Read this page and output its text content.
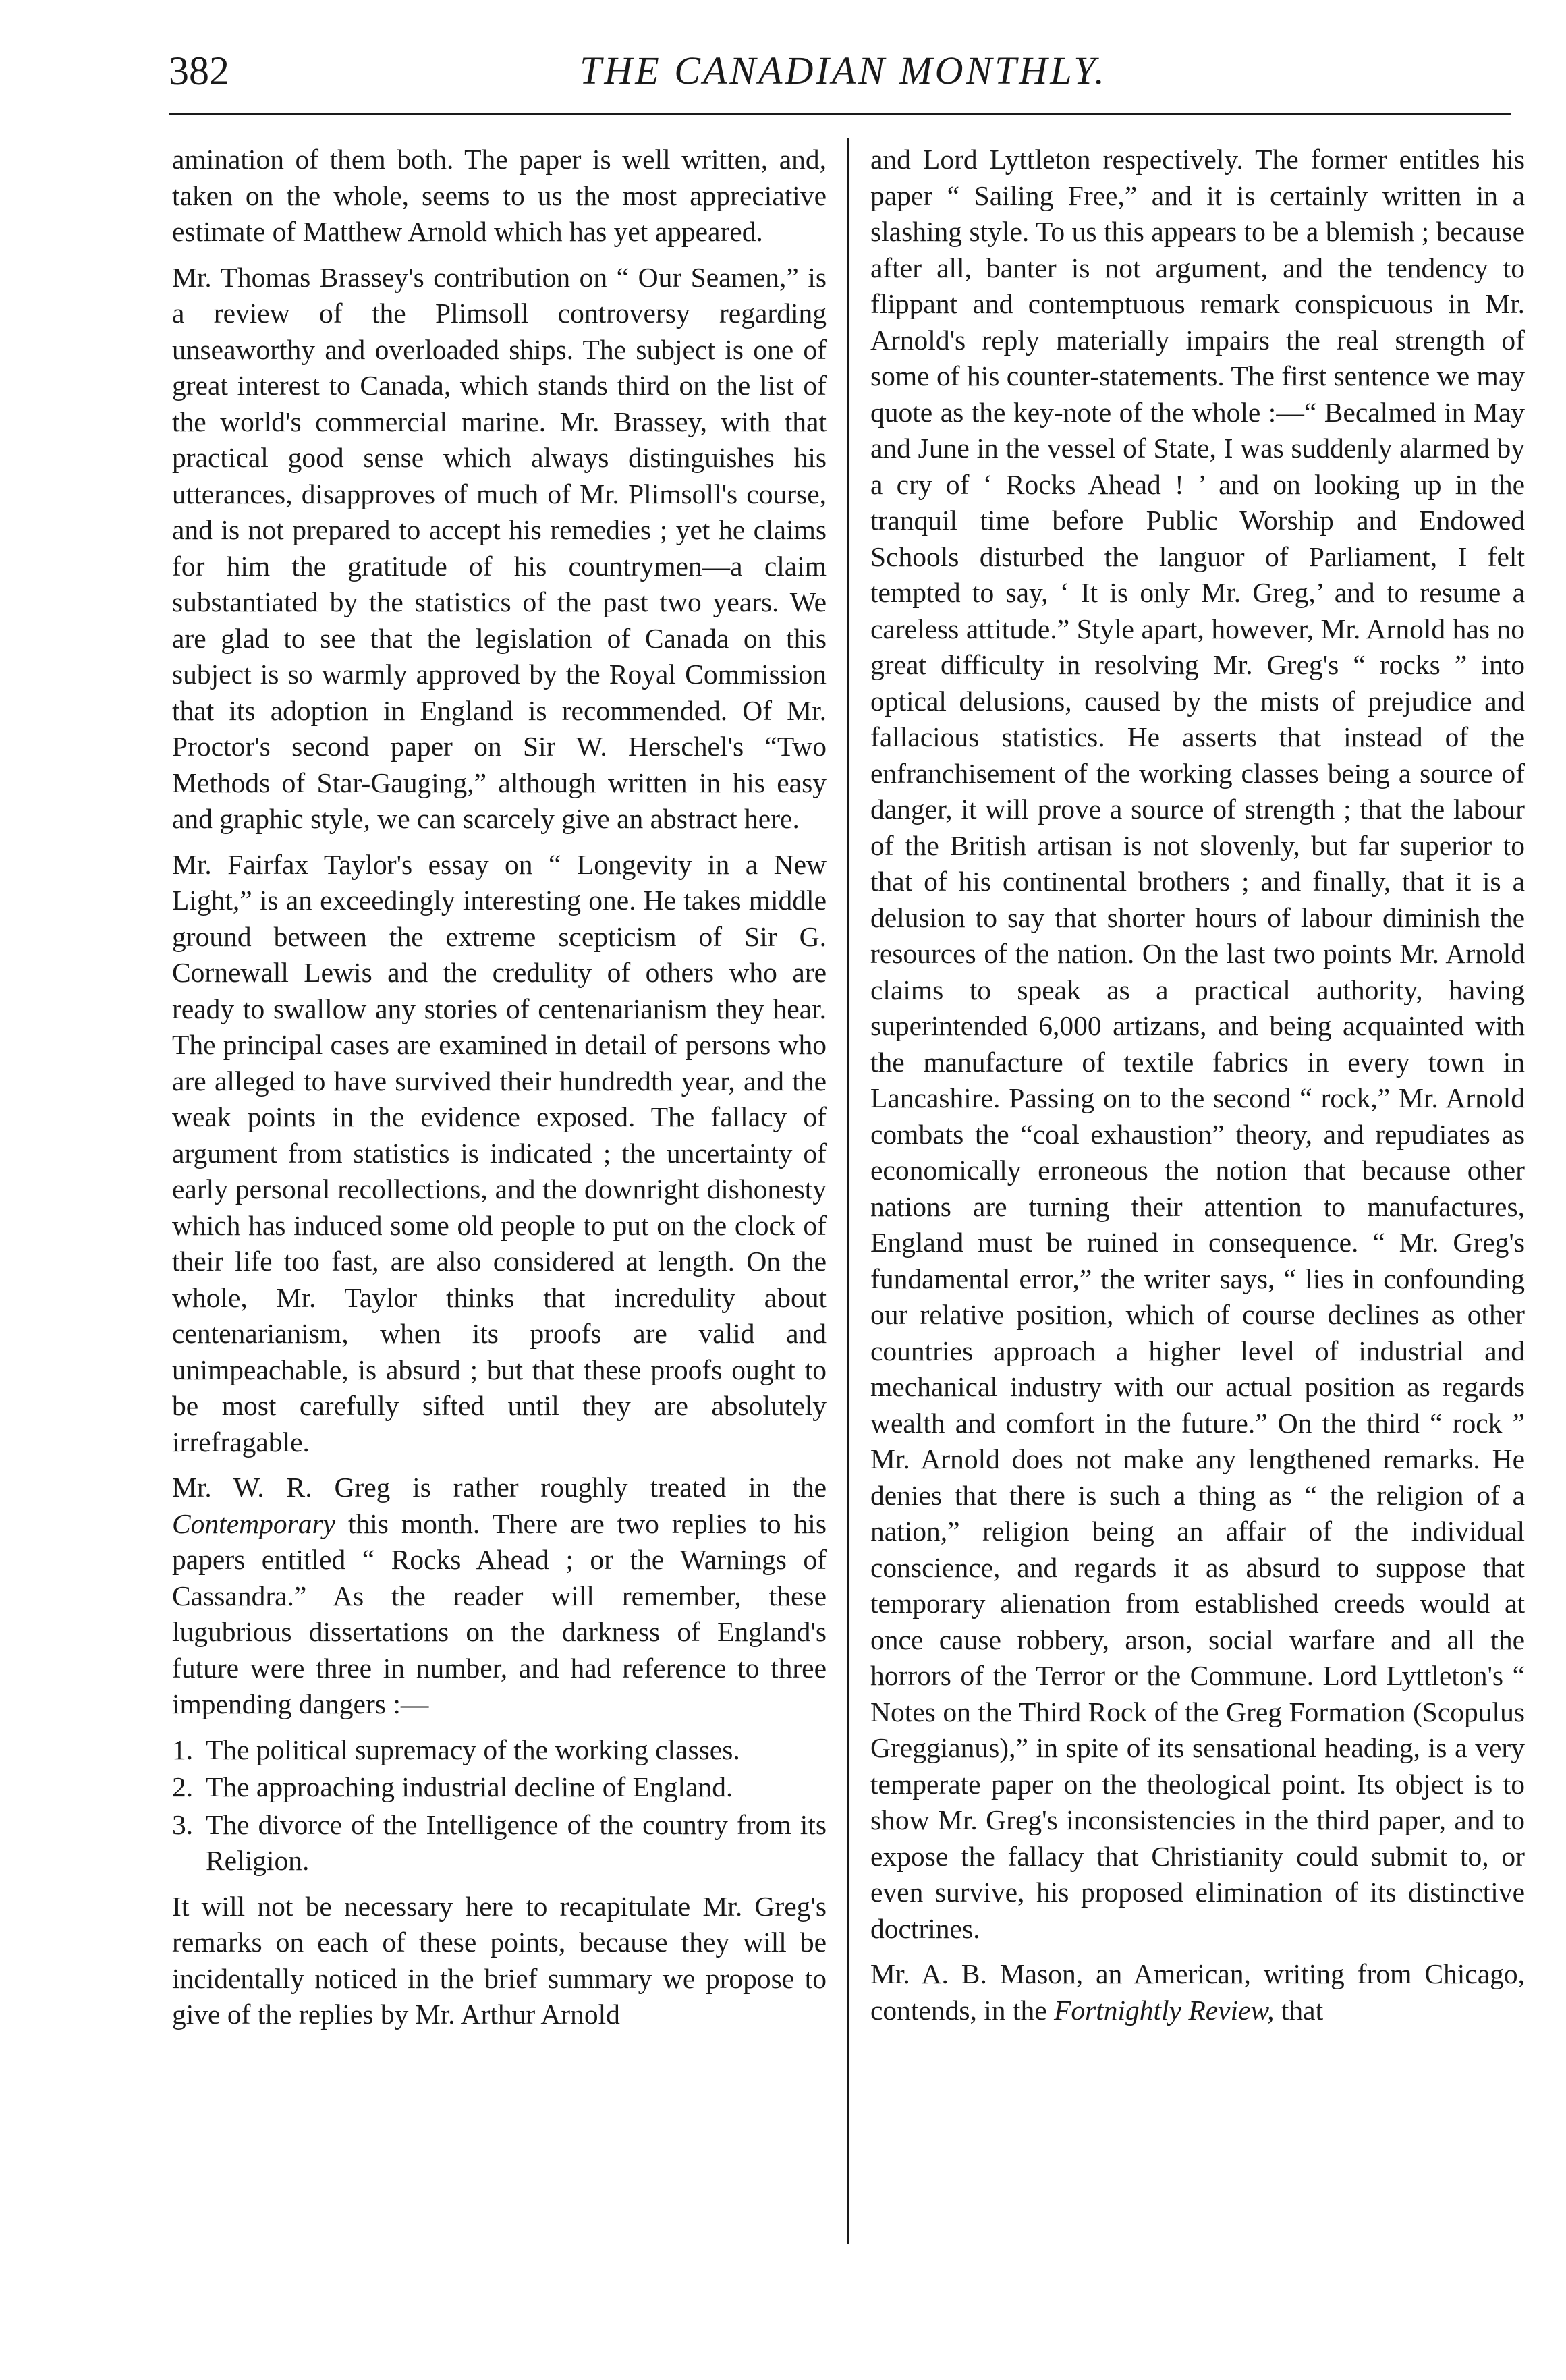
382	THE CANADIAN MONTHLY.

amination of them both. The paper is well written, and, taken on the whole, seems to us the most appreciative estimate of Matthew Arnold which has yet appeared.

Mr. Thomas Brassey's contribution on “ Our Seamen,” is a review of the Plimsoll controversy regarding unseaworthy and overloaded ships. The subject is one of great interest to Canada, which stands third on the list of the world's commercial marine. Mr. Brassey, with that practical good sense which always distinguishes his utterances, disapproves of much of Mr. Plimsoll's course, and is not prepared to accept his remedies ; yet he claims for him the gratitude of his countrymen—a claim substantiated by the statistics of the past two years. We are glad to see that the legislation of Canada on this subject is so warmly approved by the Royal Commission that its adoption in England is recommended. Of Mr. Proctor's second paper on Sir W. Herschel's “Two Methods of Star-Gauging,” although written in his easy and graphic style, we can scarcely give an abstract here.

Mr. Fairfax Taylor's essay on “ Longevity in a New Light,” is an exceedingly interesting one. He takes middle ground between the extreme scepticism of Sir G. Cornewall Lewis and the credulity of others who are ready to swallow any stories of centenarianism they hear. The principal cases are examined in detail of persons who are alleged to have survived their hundredth year, and the weak points in the evidence exposed. The fallacy of argument from statistics is indicated ; the uncertainty of early personal recollections, and the downright dishonesty which has induced some old people to put on the clock of their life too fast, are also considered at length. On the whole, Mr. Taylor thinks that incredulity about centenarianism, when its proofs are valid and unimpeachable, is absurd ; but that these proofs ought to be most carefully sifted until they are absolutely irrefragable.

Mr. W. R. Greg is rather roughly treated in the Contemporary this month. There are two replies to his papers entitled “ Rocks Ahead ; or the Warnings of Cassandra.” As the reader will remember, these lugubrious dissertations on the darkness of England's future were three in number, and had reference to three impending dangers :—

1. The political supremacy of the working classes.
2. The approaching industrial decline of England.
3. The divorce of the Intelligence of the country from its Religion.

It will not be necessary here to recapitulate Mr. Greg's remarks on each of these points, because they will be incidentally noticed in the brief summary we propose to give of the replies by Mr. Arthur Arnold

and Lord Lyttleton respectively. The former entitles his paper “ Sailing Free,” and it is certainly written in a slashing style. To us this appears to be a blemish ; because after all, banter is not argument, and the tendency to flippant and contemptuous remark conspicuous in Mr. Arnold's reply materially impairs the real strength of some of his counter-statements. The first sentence we may quote as the key-note of the whole :—“ Becalmed in May and June in the vessel of State, I was suddenly alarmed by a cry of ‘ Rocks Ahead ! ’ and on looking up in the tranquil time before Public Worship and Endowed Schools disturbed the languor of Parliament, I felt tempted to say, ‘ It is only Mr. Greg,’ and to resume a careless attitude.” Style apart, however, Mr. Arnold has no great difficulty in resolving Mr. Greg's “ rocks ” into optical delusions, caused by the mists of prejudice and fallacious statistics. He asserts that instead of the enfranchisement of the working classes being a source of danger, it will prove a source of strength ; that the labour of the British artisan is not slovenly, but far superior to that of his continental brothers ; and finally, that it is a delusion to say that shorter hours of labour diminish the resources of the nation. On the last two points Mr. Arnold claims to speak as a practical authority, having superintended 6,000 artizans, and being acquainted with the manufacture of textile fabrics in every town in Lancashire. Passing on to the second “ rock,” Mr. Arnold combats the “coal exhaustion” theory, and repudiates as economically erroneous the notion that because other nations are turning their attention to manufactures, England must be ruined in consequence. “ Mr. Greg's fundamental error,” the writer says, “ lies in confounding our relative position, which of course declines as other countries approach a higher level of industrial and mechanical industry with our actual position as regards wealth and comfort in the future.” On the third “ rock ” Mr. Arnold does not make any lengthened remarks. He denies that there is such a thing as “ the religion of a nation,” religion being an affair of the individual conscience, and regards it as absurd to suppose that temporary alienation from established creeds would at once cause robbery, arson, social warfare and all the horrors of the Terror or the Commune. Lord Lyttleton's “ Notes on the Third Rock of the Greg Formation (Scopulus Greggianus),” in spite of its sensational heading, is a very temperate paper on the theological point. Its object is to show Mr. Greg's inconsistencies in the third paper, and to expose the fallacy that Christianity could submit to, or even survive, his proposed elimination of its distinctive doctrines.

Mr. A. B. Mason, an American, writing from Chicago, contends, in the Fortnightly Review, that
